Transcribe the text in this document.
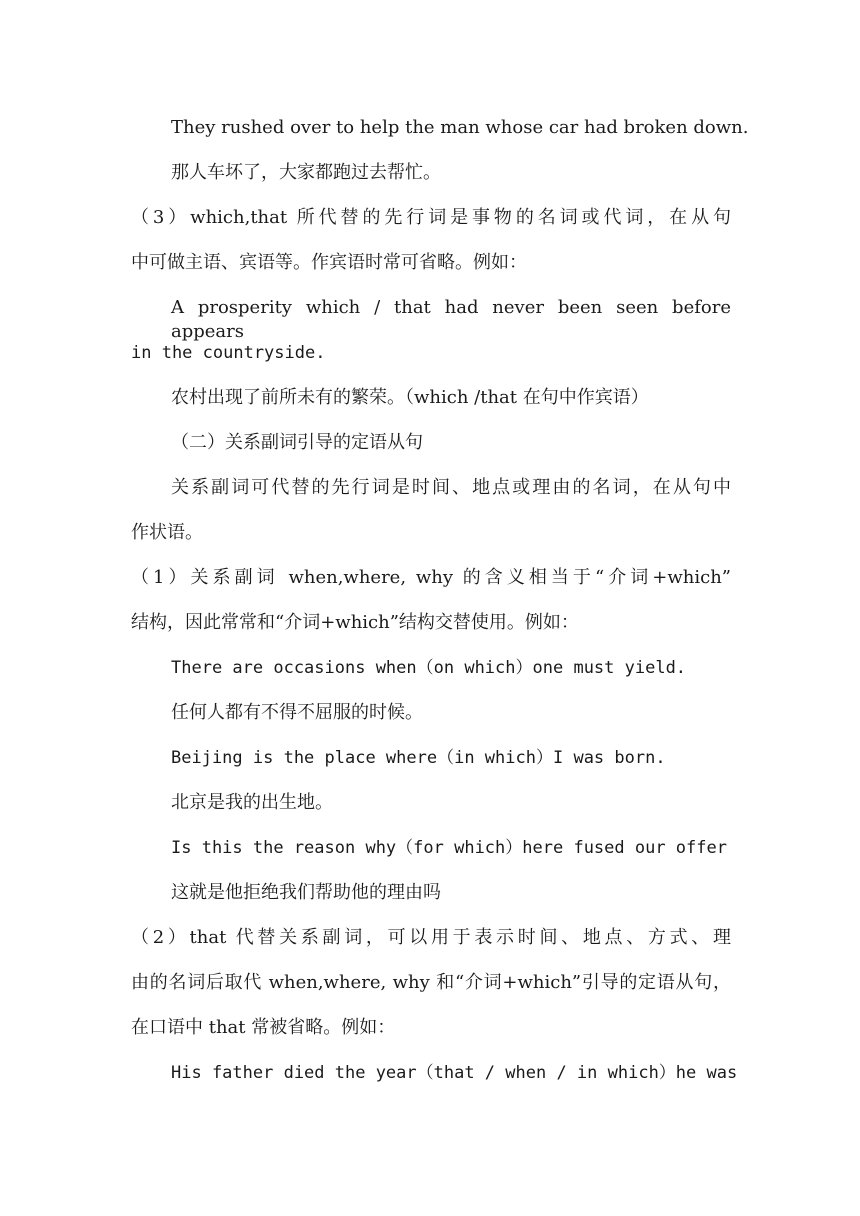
They rushed over to help the man whose car had broken down.
那人车坏了，大家都跑过去帮忙。
（3）which,that 所代替的先行词是事物的名词或代词，在从句
中可做主语、宾语等。作宾语时常可省略。例如：
A prosperity which / that had never been seen before appears
in the countryside.
农村出现了前所未有的繁荣。（which /that 在句中作宾语）
（二）关系副词引导的定语从句
关系副词可代替的先行词是时间、地点或理由的名词，在从句中
作状语。
（1）关系副词 when,where, why 的含义相当于“介词+which”
结构，因此常常和“介词+which”结构交替使用。例如：
There are occasions when（on which）one must yield.
任何人都有不得不屈服的时候。
Beijing is the place where（in which）I was born.
北京是我的出生地。
Is this the reason why（for which）here fused our offer
这就是他拒绝我们帮助他的理由吗
（2）that 代替关系副词，可以用于表示时间、地点、方式、理
由的名词后取代 when,where, why 和“介词+which”引导的定语从句，
在口语中 that 常被省略。例如：
His father died the year（that / when / in which）he was
